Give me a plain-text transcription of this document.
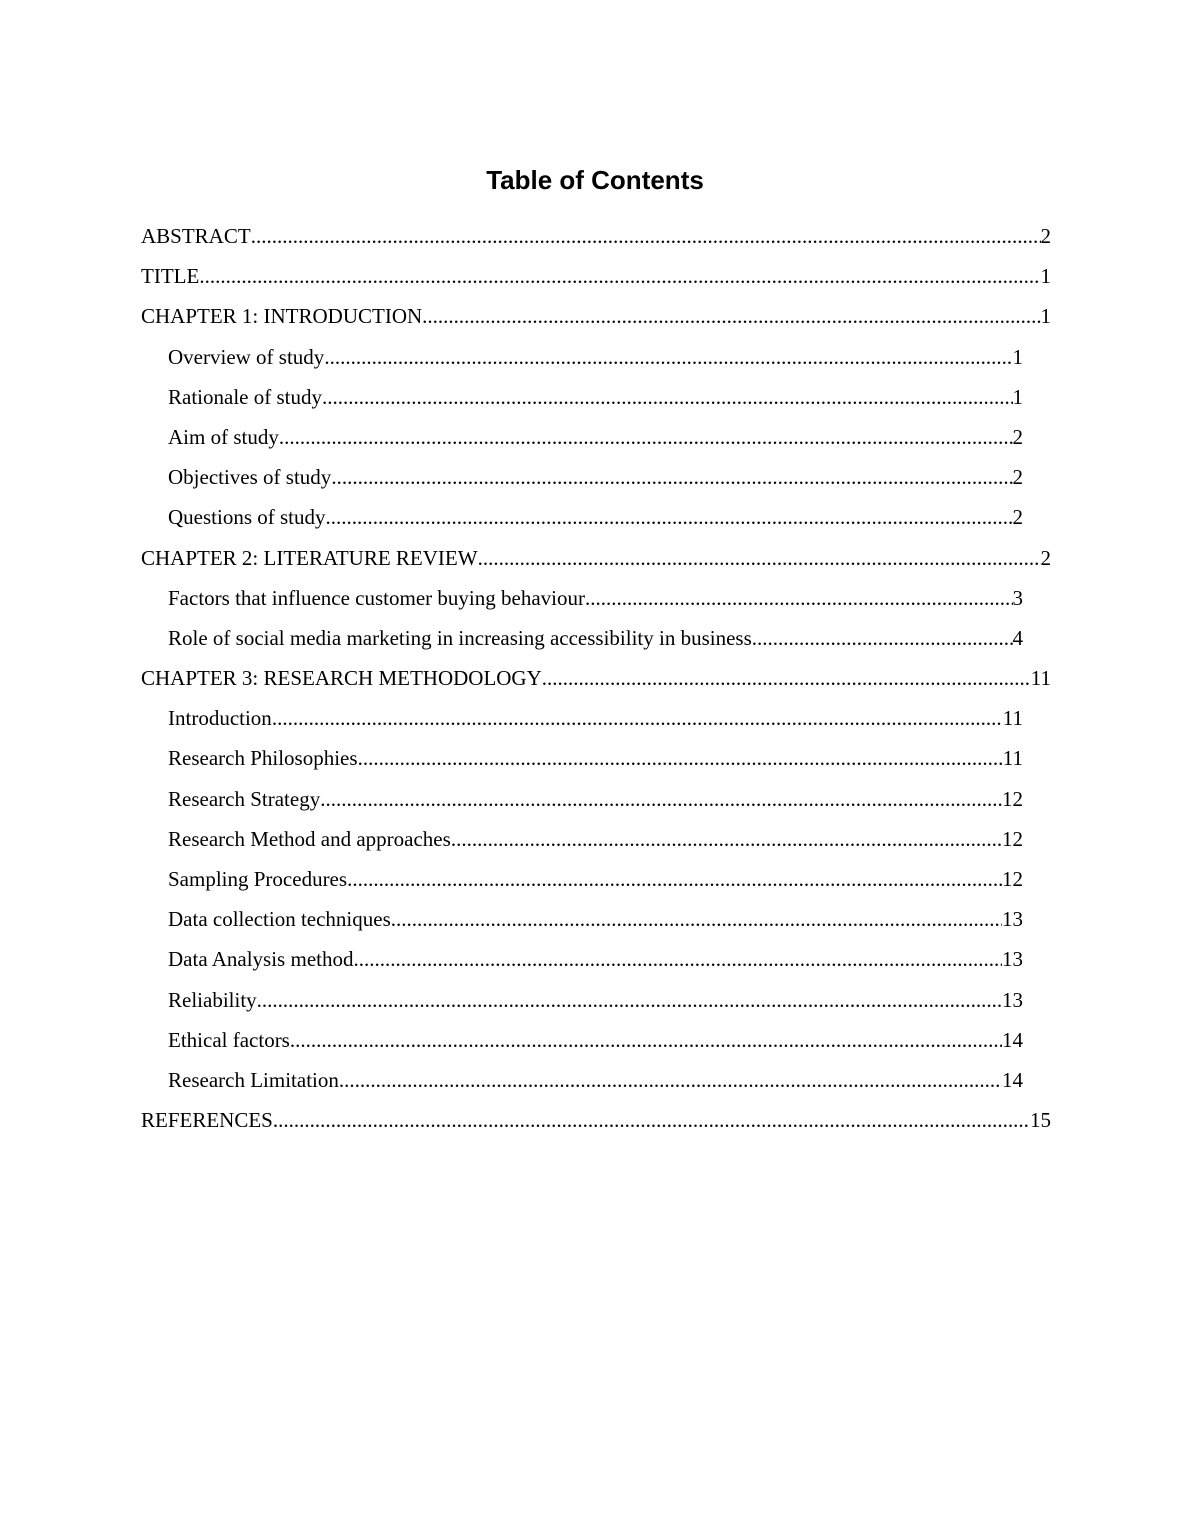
Table of Contents
ABSTRACT .....	2
TITLE .....	1
CHAPTER 1: INTRODUCTION .....	1
Overview of study .....	1
Rationale of study .....	1
Aim of study .....	2
Objectives of study .....	2
Questions of study .....	2
CHAPTER 2: LITERATURE REVIEW .....	2
Factors that influence customer buying behaviour .....	3
Role of social media marketing in increasing accessibility in business .....	4
CHAPTER 3: RESEARCH METHODOLOGY .....	11
Introduction .....	11
Research Philosophies .....	11
Research Strategy .....	12
Research Method and approaches .....	12
Sampling Procedures .....	12
Data collection techniques .....	13
Data Analysis method .....	13
Reliability .....	13
Ethical factors .....	14
Research Limitation .....	14
REFERENCES .....	15
